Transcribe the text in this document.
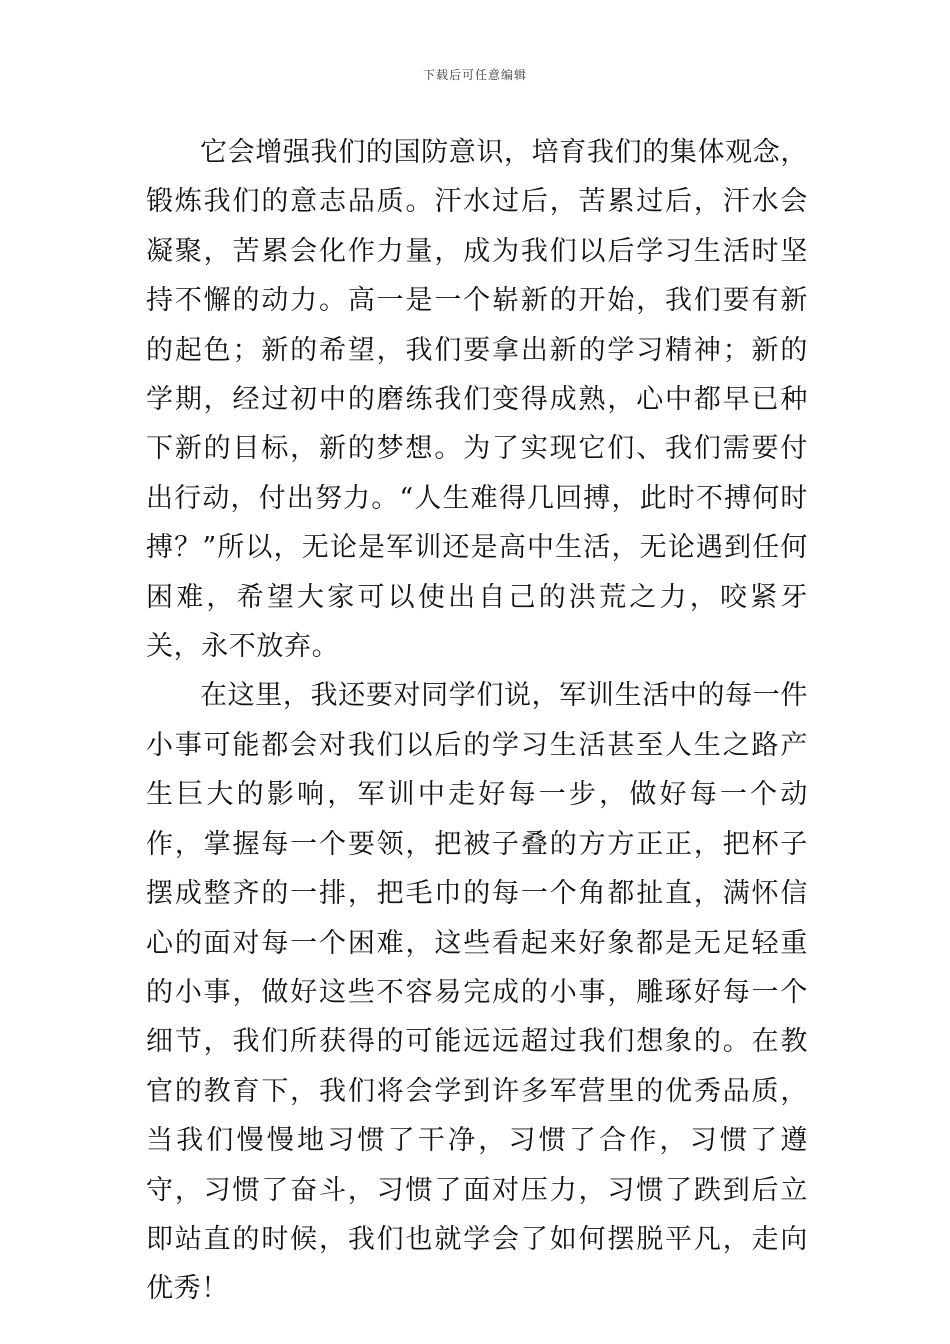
下载后可任意编辑

它会增强我们的国防意识，培育我们的集体观念，锻炼我们的意志品质。汗水过后，苦累过后，汗水会凝聚，苦累会化作力量，成为我们以后学习生活时坚持不懈的动力。高一是一个崭新的开始，我们要有新的起色；新的希望，我们要拿出新的学习精神；新的学期，经过初中的磨练我们变得成熟，心中都早已种下新的目标，新的梦想。为了实现它们、我们需要付出行动，付出努力。“人生难得几回搏，此时不搏何时搏？”所以，无论是军训还是高中生活，无论遇到任何困难，希望大家可以使出自己的洪荒之力，咬紧牙关，永不放弃。

在这里，我还要对同学们说，军训生活中的每一件小事可能都会对我们以后的学习生活甚至人生之路产生巨大的影响，军训中走好每一步，做好每一个动作，掌握每一个要领，把被子叠的方方正正，把杯子摆成整齐的一排，把毛巾的每一个角都扯直，满怀信心的面对每一个困难，这些看起来好象都是无足轻重的小事，做好这些不容易完成的小事，雕琢好每一个细节，我们所获得的可能远远超过我们想象的。在教官的教育下，我们将会学到许多军营里的优秀品质，当我们慢慢地习惯了干净，习惯了合作，习惯了遵守，习惯了奋斗，习惯了面对压力，习惯了跌到后立即站直的时候，我们也就学会了如何摆脱平凡，走向优秀！
